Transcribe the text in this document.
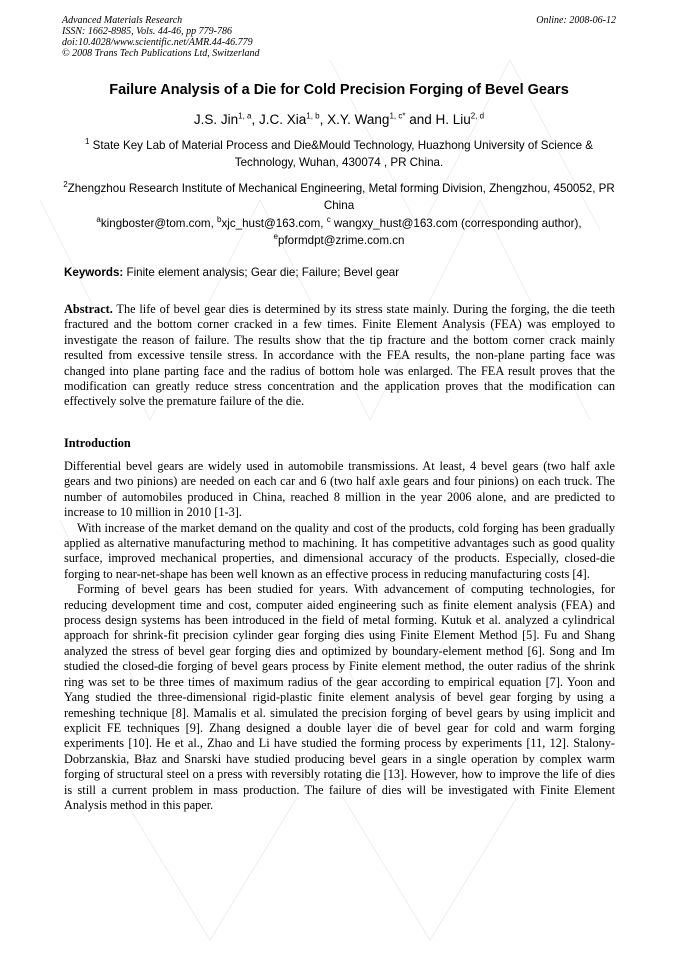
Advanced Materials Research
ISSN: 1662-8985, Vols. 44-46, pp 779-786
doi:10.4028/www.scientific.net/AMR.44-46.779
© 2008 Trans Tech Publications Ltd, Switzerland
Online: 2008-06-12
Failure Analysis of a Die for Cold Precision Forging of Bevel Gears
J.S. Jin$^{1, a}$, J.C. Xia$^{1, b}$, X.Y. Wang$^{1, c*}$ and H. Liu$^{2, d}$
$^1$ State Key Lab of Material Process and Die&Mould Technology, Huazhong University of Science & Technology, Wuhan, 430074 , PR China.
$^2$Zhengzhou Research Institute of Mechanical Engineering, Metal forming Division, Zhengzhou, 450052, PR China
$^a$kingboster@tom.com, $^b$xjc_hust@163.com, $^c$ wangxy_hust@163.com (corresponding author),
$^e$pformdpt@zrime.com.cn
Keywords: Finite element analysis; Gear die; Failure; Bevel gear
Abstract. The life of bevel gear dies is determined by its stress state mainly. During the forging, the die teeth fractured and the bottom corner cracked in a few times. Finite Element Analysis (FEA) was employed to investigate the reason of failure. The results show that the tip fracture and the bottom corner crack mainly resulted from excessive tensile stress. In accordance with the FEA results, the non-plane parting face was changed into plane parting face and the radius of bottom hole was enlarged. The FEA result proves that the modification can greatly reduce stress concentration and the application proves that the modification can effectively solve the premature failure of the die.
Introduction

Differential bevel gears are widely used in automobile transmissions. At least, 4 bevel gears (two half axle gears and two pinions) are needed on each car and 6 (two half axle gears and four pinions) on each truck. The number of automobiles produced in China, reached 8 million in the year 2006 alone, and are predicted to increase to 10 million in 2010 [1-3].

With increase of the market demand on the quality and cost of the products, cold forging has been gradually applied as alternative manufacturing method to machining. It has competitive advantages such as good quality surface, improved mechanical properties, and dimensional accuracy of the products. Especially, closed-die forging to near-net-shape has been well known as an effective process in reducing manufacturing costs [4].

Forming of bevel gears has been studied for years. With advancement of computing technologies, for reducing development time and cost, computer aided engineering such as finite element analysis (FEA) and process design systems has been introduced in the field of metal forming. Kutuk et al. analyzed a cylindrical approach for shrink-fit precision cylinder gear forging dies using Finite Element Method [5]. Fu and Shang analyzed the stress of bevel gear forging dies and optimized by boundary-element method [6]. Song and Im studied the closed-die forging of bevel gears process by Finite element method, the outer radius of the shrink ring was set to be three times of maximum radius of the gear according to empirical equation [7]. Yoon and Yang studied the three-dimensional rigid-plastic finite element analysis of bevel gear forging by using a remeshing technique [8]. Mamalis et al. simulated the precision forging of bevel gears by using implicit and explicit FE techniques [9]. Zhang designed a double layer die of bevel gear for cold and warm forging experiments [10]. He et al., Zhao and Li have studied the forming process by experiments [11, 12]. Stalony-Dobrzanskia, Błaz and Snarski have studied producing bevel gears in a single operation by complex warm forging of structural steel on a press with reversibly rotating die [13]. However, how to improve the life of dies is still a current problem in mass production. The failure of dies will be investigated with Finite Element Analysis method in this paper.
